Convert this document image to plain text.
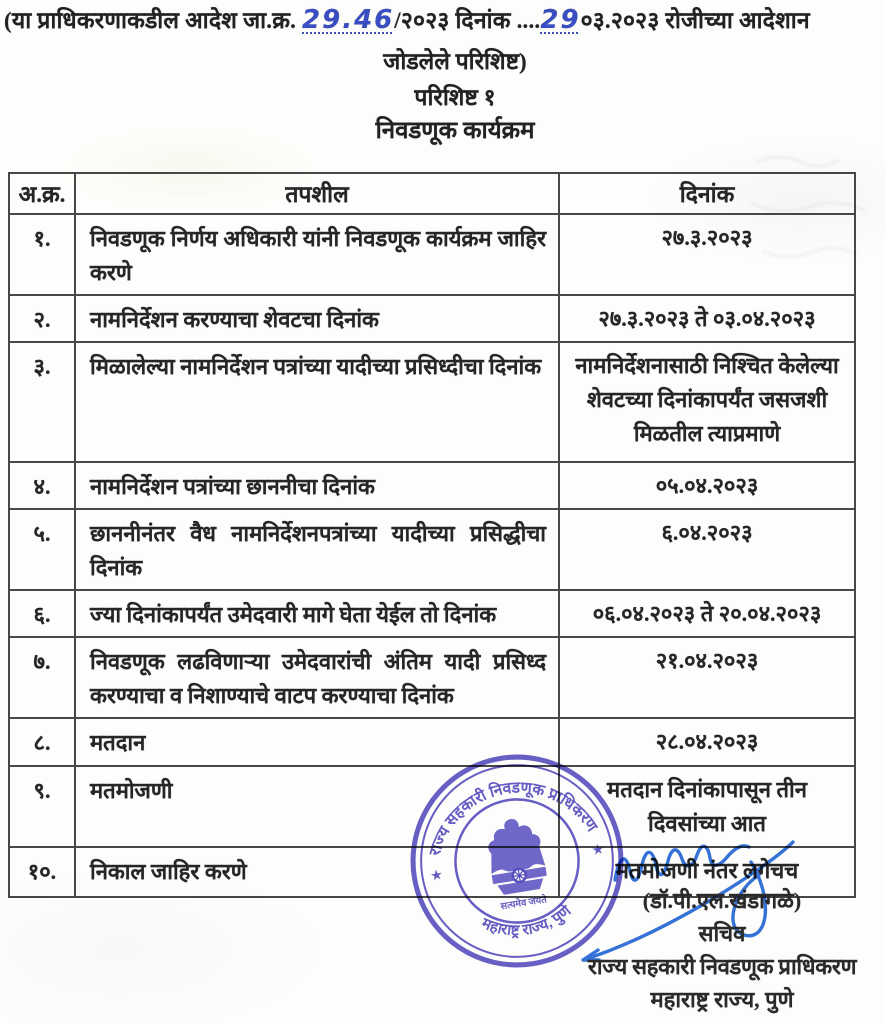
(या प्राधिकरणाकडील आदेश जा.क्र. 29.46/२०२३ दिनांक ....29०३.२०२३ रोजीच्या आदेशान
जोडलेले परिशिष्ट)
परिशिष्ट १
निवडणूक कार्यक्रम
अ.क्र.	तपशील	दिनांक
१.	निवडणूक निर्णय अधिकारी यांनी निवडणूक कार्यक्रम जाहिर करणे	२७.३.२०२३
२.	नामनिर्देशन करण्याचा शेवटचा दिनांक	२७.३.२०२३ ते ०३.०४.२०२३
३.	मिळालेल्या नामनिर्देशन पत्रांच्या यादीच्या प्रसिध्दीचा दिनांक	नामनिर्देशनासाठी निश्चित केलेल्या शेवटच्या दिनांकापर्यंत जसजशी मिळतील त्याप्रमाणे
४.	नामनिर्देशन पत्रांच्या छाननीचा दिनांक	०५.०४.२०२३
५.	छाननीनंतर वैध नामनिर्देशनपत्रांच्या यादीच्या प्रसिद्धीचा दिनांक	६.०४.२०२३
६.	ज्या दिनांकापर्यंत उमेदवारी मागे घेता येईल तो दिनांक	०६.०४.२०२३ ते २०.०४.२०२३
७.	निवडणूक लढविणाऱ्या उमेदवारांची अंतिम यादी प्रसिध्द करण्याचा व निशाण्याचे वाटप करण्याचा दिनांक	२१.०४.२०२३
८.	मतदान	२८.०४.२०२३
९.	मतमोजणी	मतदान दिनांकापासून तीन दिवसांच्या आत
१०.	निकाल जाहिर करणे	मतमोजणी नंतर लगेचच
राज्य सहकारी निवडणूक प्राधिकरण
महाराष्ट्र राज्य, पुणे
★
★
सत्यमेव जयते	(डॉ.पी.एल.खंडागळे)
सचिव
राज्य सहकारी निवडणूक प्राधिकरण
महाराष्ट्र राज्य, पुणे
